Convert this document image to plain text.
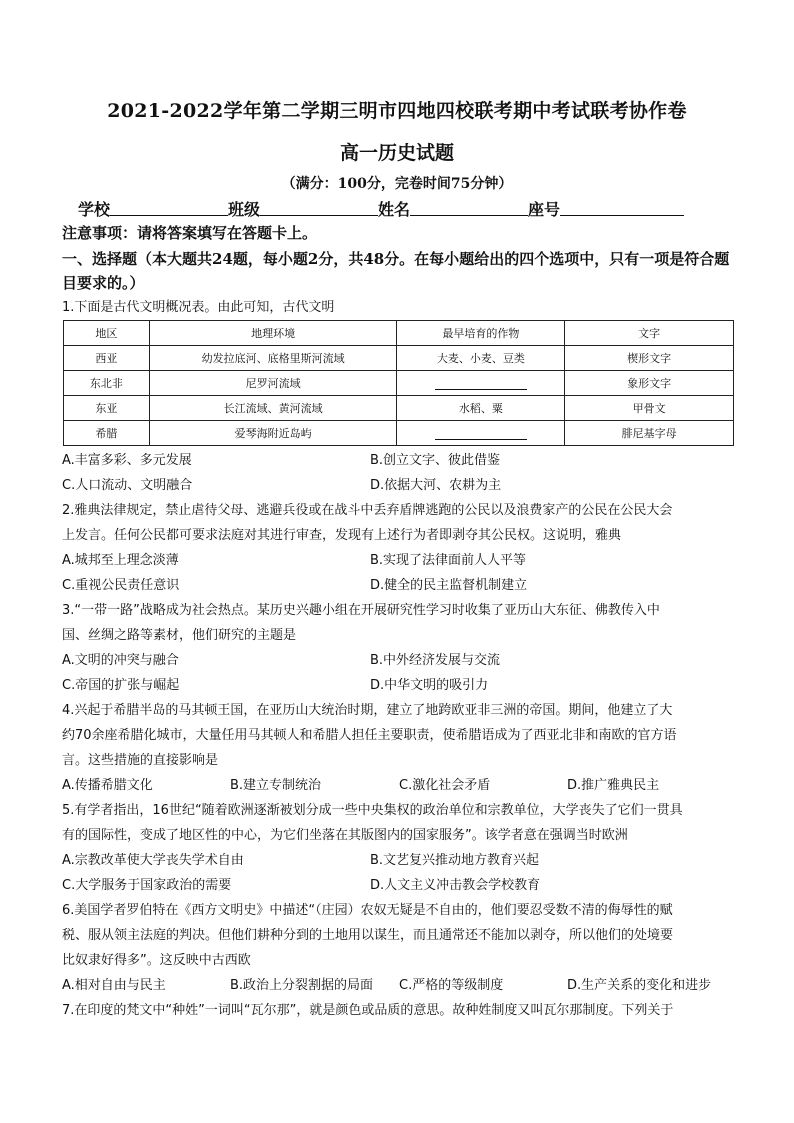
2021-2022学年第二学期三明市四地四校联考期中考试联考协作卷
高一历史试题
（满分：100分，完卷时间75分钟）
学校	班级	姓名	座号
注意事项：请将答案填写在答题卡上。
一、选择题（本大题共24题，每小题2分，共48分。在每小题给出的四个选项中，只有一项是符合题目要求的。）
1.下面是古代文明概况表。由此可知，古代文明
地区	地理环境	最早培育的作物	文字
西亚	幼发拉底河、底格里斯河流域	大麦、小麦、豆类	楔形文字
东北非	尼罗河流域		象形文字
东亚	长江流域、黄河流域	水稻、粟	甲骨文
希腊	爱琴海附近岛屿		腓尼基字母
A.丰富多彩、多元发展	B.创立文字、彼此借鉴
C.人口流动、文明融合	D.依据大河、农耕为主
2.雅典法律规定，禁止虐待父母、逃避兵役或在战斗中丢弃盾牌逃跑的公民以及浪费家产的公民在公民大会
上发言。任何公民都可要求法庭对其进行审查，发现有上述行为者即剥夺其公民权。这说明，雅典
A.城邦至上理念淡薄	B.实现了法律面前人人平等
C.重视公民责任意识	D.健全的民主监督机制建立
3.“一带一路”战略成为社会热点。某历史兴趣小组在开展研究性学习时收集了亚历山大东征、佛教传入中
国、丝绸之路等素材，他们研究的主题是
A.文明的冲突与融合	B.中外经济发展与交流
C.帝国的扩张与崛起	D.中华文明的吸引力
4.兴起于希腊半岛的马其顿王国，在亚历山大统治时期，建立了地跨欧亚非三洲的帝国。期间，他建立了大
约70余座希腊化城市，大量任用马其顿人和希腊人担任主要职责，使希腊语成为了西亚北非和南欧的官方语
言。这些措施的直接影响是
A.传播希腊文化	B.建立专制统治	C.激化社会矛盾	D.推广雅典民主
5.有学者指出，16世纪“随着欧洲逐渐被划分成一些中央集权的政治单位和宗教单位，大学丧失了它们一贯具
有的国际性，变成了地区性的中心，为它们坐落在其版图内的国家服务”。该学者意在强调当时欧洲
A.宗教改革使大学丧失学术自由	B.文艺复兴推动地方教育兴起
C.大学服务于国家政治的需要	D.人文主义冲击教会学校教育
6.美国学者罗伯特在《西方文明史》中描述“（庄园）农奴无疑是不自由的，他们要忍受数不清的侮辱性的赋
税、服从领主法庭的判决。但他们耕种分到的土地用以谋生，而且通常还不能加以剥夺，所以他们的处境要
比奴隶好得多”。这反映中古西欧
A.相对自由与民主	B.政治上分裂割据的局面 C.严格的等级制度	D.生产关系的变化和进步
7.在印度的梵文中“种姓”一词叫“瓦尔那”，就是颜色或品质的意思。故种姓制度又叫瓦尔那制度。下列关于
